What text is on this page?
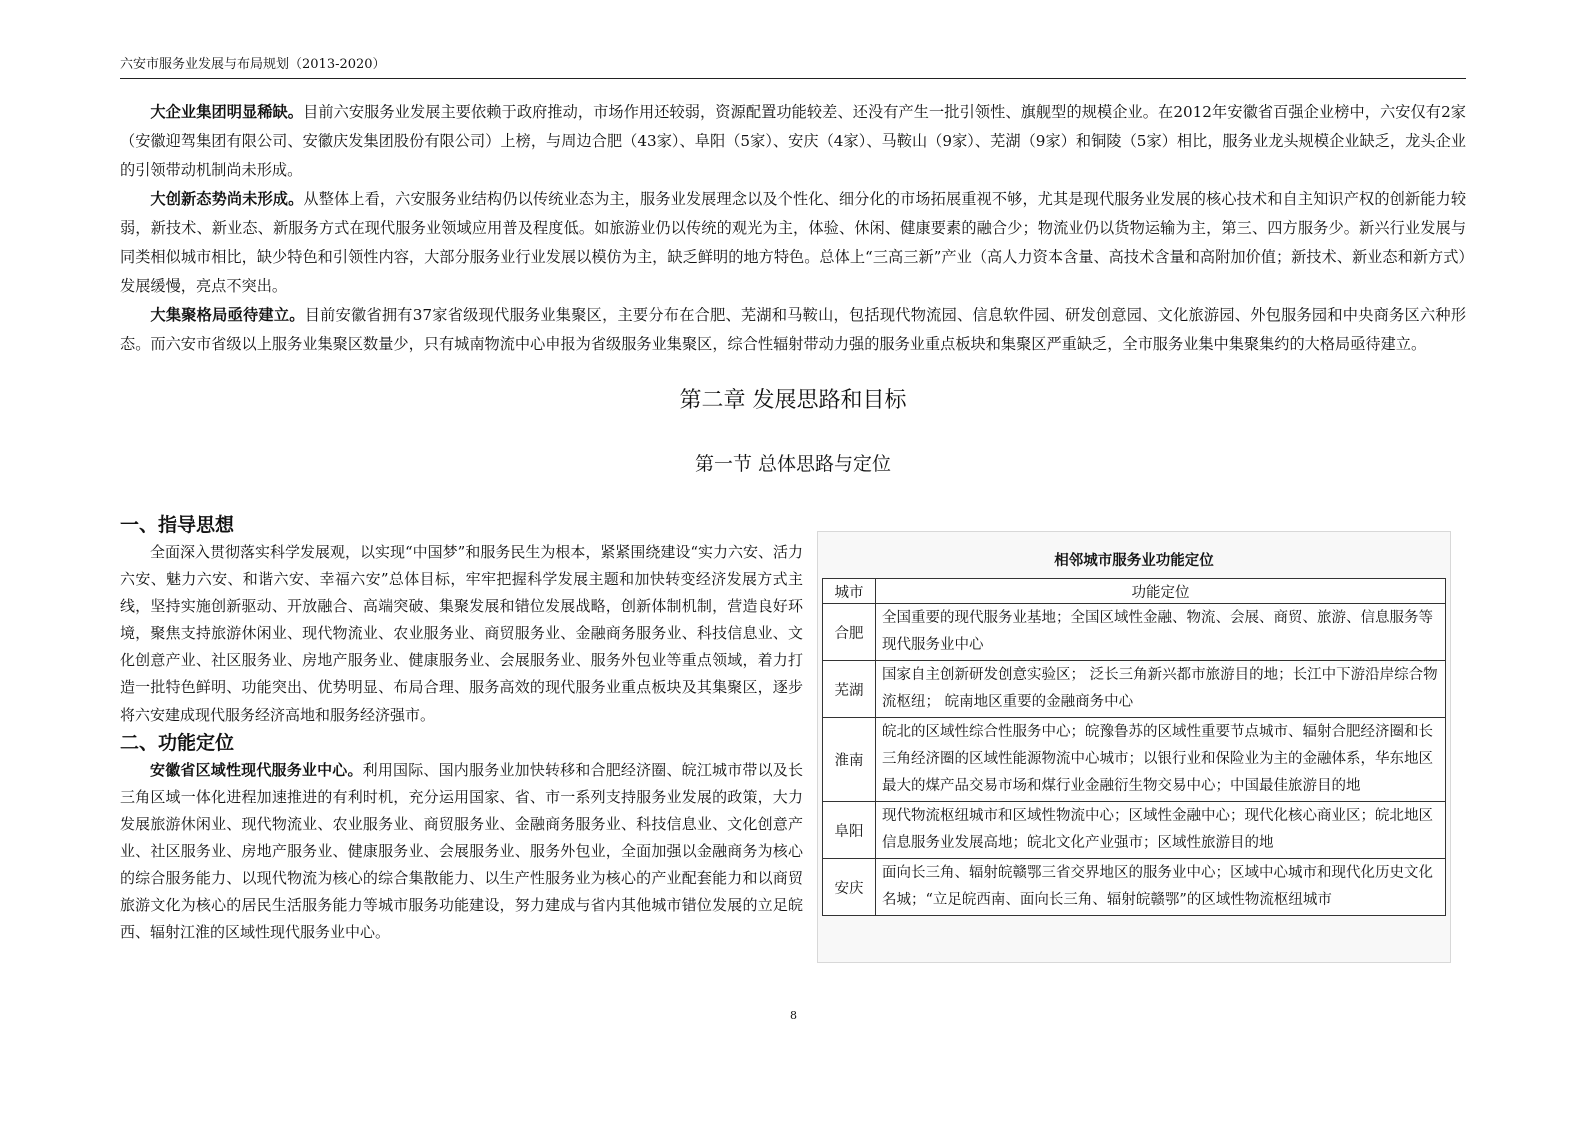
六安市服务业发展与布局规划（2013-2020）

大企业集团明显稀缺。目前六安服务业发展主要依赖于政府推动，市场作用还较弱，资源配置功能较差、还没有产生一批引领性、旗舰型的规模企业。在2012年安徽省百强企业榜中，六安仅有2家（安徽迎驾集团有限公司、安徽庆发集团股份有限公司）上榜，与周边合肥（43家）、阜阳（5家）、安庆（4家）、马鞍山（9家）、芜湖（9家）和铜陵（5家）相比，服务业龙头规模企业缺乏，龙头企业的引领带动机制尚未形成。

大创新态势尚未形成。从整体上看，六安服务业结构仍以传统业态为主，服务业发展理念以及个性化、细分化的市场拓展重视不够，尤其是现代服务业发展的核心技术和自主知识产权的创新能力较弱，新技术、新业态、新服务方式在现代服务业领域应用普及程度低。如旅游业仍以传统的观光为主，体验、休闲、健康要素的融合少；物流业仍以货物运输为主，第三、四方服务少。新兴行业发展与同类相似城市相比，缺少特色和引领性内容，大部分服务业行业发展以模仿为主，缺乏鲜明的地方特色。总体上“三高三新”产业（高人力资本含量、高技术含量和高附加价值；新技术、新业态和新方式）发展缓慢，亮点不突出。

大集聚格局亟待建立。目前安徽省拥有37家省级现代服务业集聚区，主要分布在合肥、芜湖和马鞍山，包括现代物流园、信息软件园、研发创意园、文化旅游园、外包服务园和中央商务区六种形态。而六安市省级以上服务业集聚区数量少，只有城南物流中心申报为省级服务业集聚区，综合性辐射带动力强的服务业重点板块和集聚区严重缺乏，全市服务业集中集聚集约的大格局亟待建立。

第二章 发展思路和目标
第一节 总体思路与定位
一、指导思想

全面深入贯彻落实科学发展观，以实现“中国梦”和服务民生为根本，紧紧围绕建设“实力六安、活力六安、魅力六安、和谐六安、幸福六安”总体目标，牢牢把握科学发展主题和加快转变经济发展方式主线，坚持实施创新驱动、开放融合、高端突破、集聚发展和错位发展战略，创新体制机制，营造良好环境，聚焦支持旅游休闲业、现代物流业、农业服务业、商贸服务业、金融商务服务业、科技信息业、文化创意产业、社区服务业、房地产服务业、健康服务业、会展服务业、服务外包业等重点领域，着力打造一批特色鲜明、功能突出、优势明显、布局合理、服务高效的现代服务业重点板块及其集聚区，逐步将六安建成现代服务经济高地和服务经济强市。

二、功能定位

安徽省区域性现代服务业中心。利用国际、国内服务业加快转移和合肥经济圈、皖江城市带以及长三角区域一体化进程加速推进的有利时机，充分运用国家、省、市一系列支持服务业发展的政策，大力发展旅游休闲业、现代物流业、农业服务业、商贸服务业、金融商务服务业、科技信息业、文化创意产业、社区服务业、房地产服务业、健康服务业、会展服务业、服务外包业，全面加强以金融商务为核心的综合服务能力、以现代物流为核心的综合集散能力、以生产性服务业为核心的产业配套能力和以商贸旅游文化为核心的居民生活服务能力等城市服务功能建设，努力建成与省内其他城市错位发展的立足皖西、辐射江淮的区域性现代服务业中心。

相邻城市服务业功能定位
城市	功能定位
合肥	全国重要的现代服务业基地；全国区域性金融、物流、会展、商贸、旅游、信息服务等现代服务业中心
芜湖	国家自主创新研发创意实验区； 泛长三角新兴都市旅游目的地；长江中下游沿岸综合物流枢纽； 皖南地区重要的金融商务中心
淮南	皖北的区域性综合性服务中心；皖豫鲁苏的区域性重要节点城市、辐射合肥经济圈和长三角经济圈的区域性能源物流中心城市；以银行业和保险业为主的金融体系，华东地区最大的煤产品交易市场和煤行业金融衍生物交易中心；中国最佳旅游目的地
阜阳	现代物流枢纽城市和区域性物流中心；区域性金融中心；现代化核心商业区；皖北地区信息服务业发展高地；皖北文化产业强市；区域性旅游目的地
安庆	面向长三角、辐射皖赣鄂三省交界地区的服务业中心；区域中心城市和现代化历史文化名城；“立足皖西南、面向长三角、辐射皖赣鄂”的区域性物流枢纽城市
8
